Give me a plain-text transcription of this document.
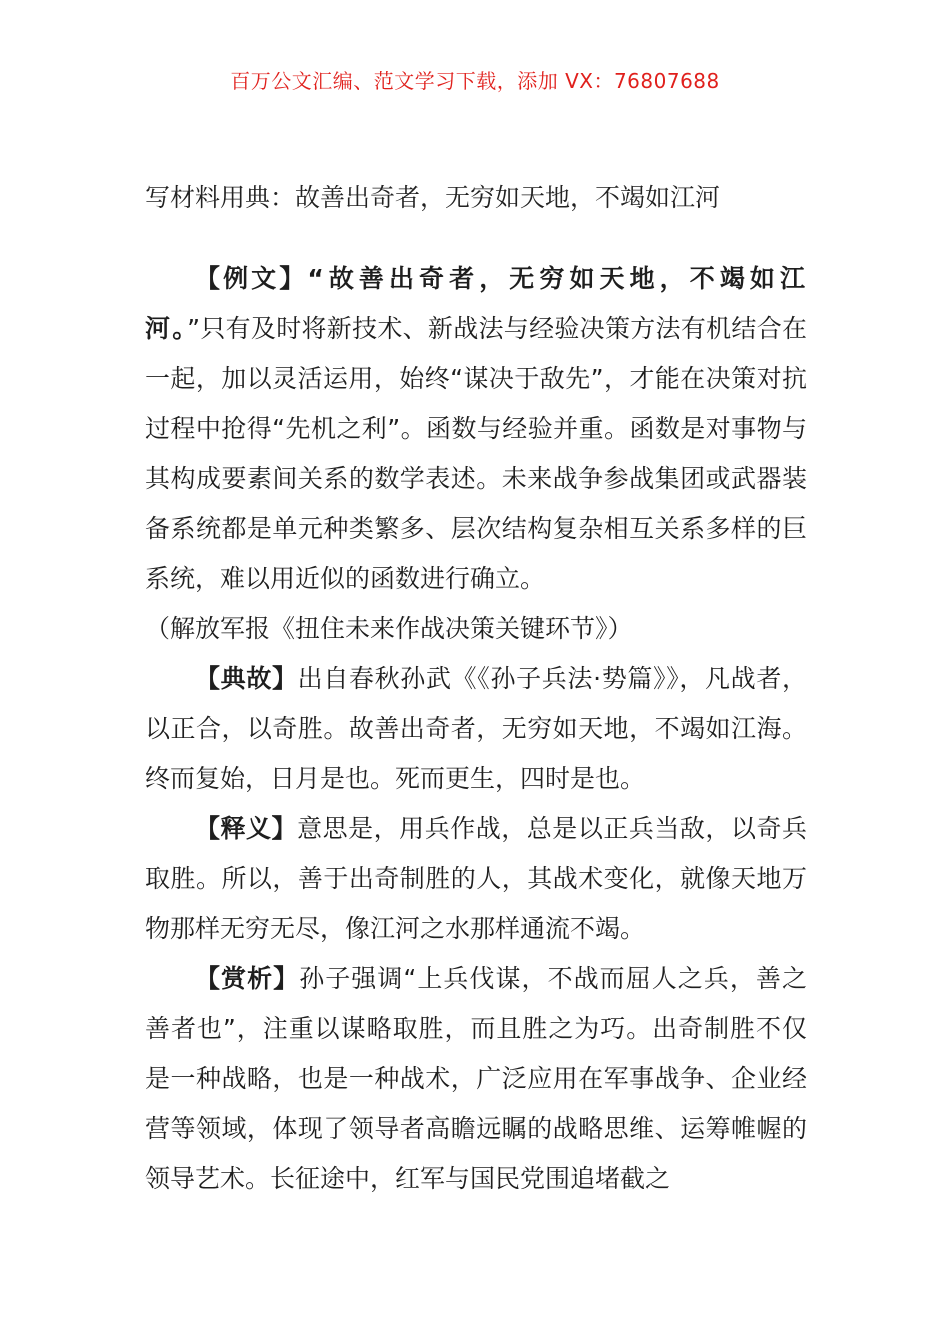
百万公文汇编、范文学习下载，添加 VX：76807688
写材料用典：故善出奇者，无穷如天地，不竭如江河

【例文】“故善出奇者，无穷如天地，不竭如江河。”只有及时将新技术、新战法与经验决策方法有机结合在一起，加以灵活运用，始终“谋决于敌先”，才能在决策对抗过程中抢得“先机之利”。函数与经验并重。函数是对事物与其构成要素间关系的数学表述。未来战争参战集团或武器装备系统都是单元种类繁多、层次结构复杂相互关系多样的巨系统，难以用近似的函数进行确立。

（解放军报《扭住未来作战决策关键环节》）

【典故】出自春秋孙武《《孙子兵法·势篇》》，凡战者，以正合，以奇胜。故善出奇者，无穷如天地，不竭如江海。终而复始，日月是也。死而更生，四时是也。

【释义】意思是，用兵作战，总是以正兵当敌，以奇兵取胜。所以，善于出奇制胜的人，其战术变化，就像天地万物那样无穷无尽，像江河之水那样通流不竭。

【赏析】孙子强调“上兵伐谋，不战而屈人之兵，善之善者也”，注重以谋略取胜，而且胜之为巧。出奇制胜不仅是一种战略，也是一种战术，广泛应用在军事战争、企业经营等领域，体现了领导者高瞻远瞩的战略思维、运筹帷幄的领导艺术。长征途中，红军与国民党围追堵截之
